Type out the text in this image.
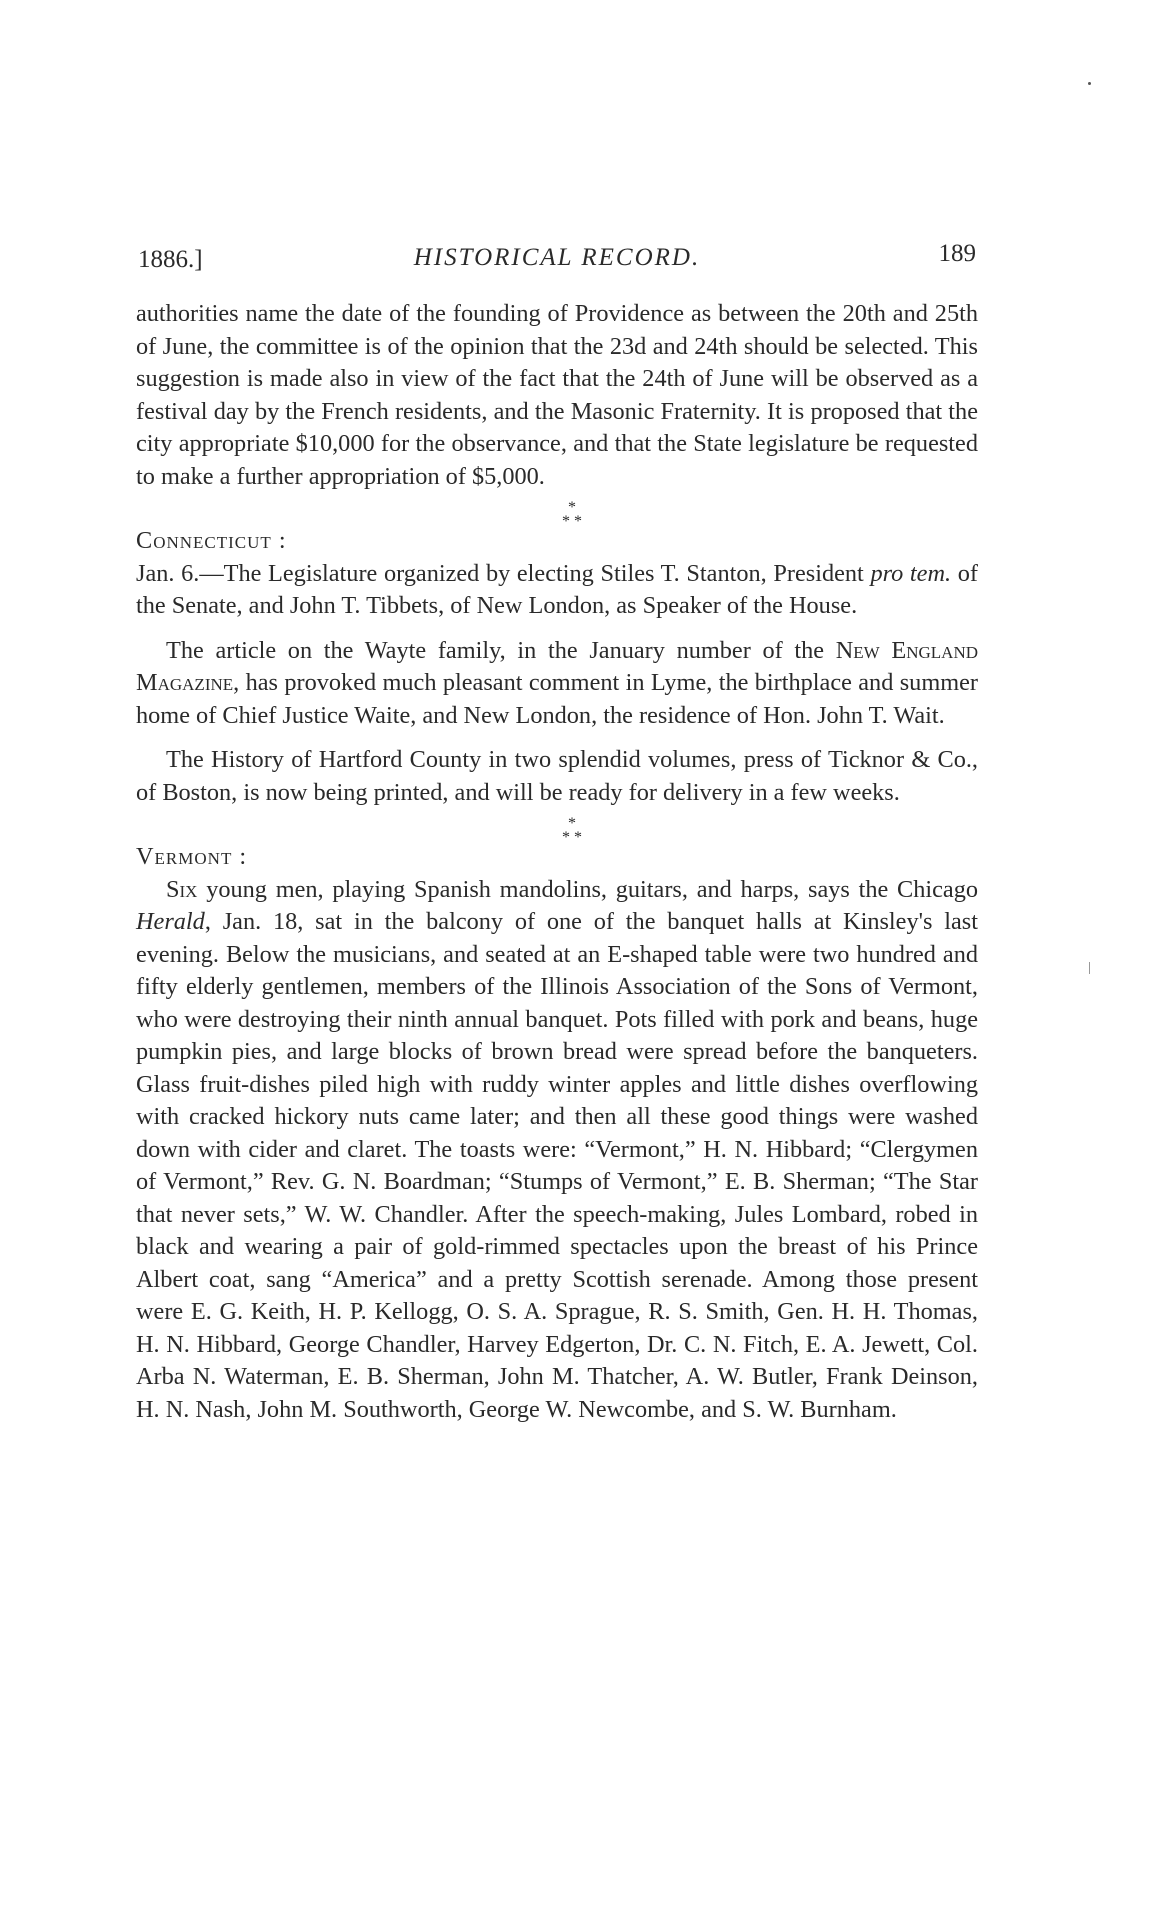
1886.]	HISTORICAL RECORD.	189

authorities name the date of the founding of Providence as between the 20th and 25th of June, the committee is of the opinion that the 23d and 24th should be selected. This suggestion is made also in view of the fact that the 24th of June will be observed as a festival day by the French residents, and the Masonic Fraternity. It is proposed that the city appropriate $10,000 for the observance, and that the State legislature be requested to make a further appropriation of $5,000.

*
* *

Connecticut :

Jan. 6.—The Legislature organized by electing Stiles T. Stanton, President pro tem. of the Senate, and John T. Tibbets, of New London, as Speaker of the House.

The article on the Wayte family, in the January number of the New England Magazine, has provoked much pleasant comment in Lyme, the birthplace and summer home of Chief Justice Waite, and New London, the residence of Hon. John T. Wait.

The History of Hartford County in two splendid volumes, press of Ticknor & Co., of Boston, is now being printed, and will be ready for delivery in a few weeks.

*
* *

Vermont :

Six young men, playing Spanish mandolins, guitars, and harps, says the Chicago Herald, Jan. 18, sat in the balcony of one of the banquet halls at Kinsley's last evening. Below the musicians, and seated at an E-shaped table were two hundred and fifty elderly gentlemen, members of the Illinois Association of the Sons of Vermont, who were destroying their ninth annual banquet. Pots filled with pork and beans, huge pumpkin pies, and large blocks of brown bread were spread before the banqueters. Glass fruit-dishes piled high with ruddy winter apples and little dishes overflowing with cracked hickory nuts came later; and then all these good things were washed down with cider and claret. The toasts were: “Vermont,” H. N. Hibbard; “Clergymen of Vermont,” Rev. G. N. Boardman; “Stumps of Vermont,” E. B. Sherman; “The Star that never sets,” W. W. Chandler. After the speech-making, Jules Lombard, robed in black and wearing a pair of gold-rimmed spectacles upon the breast of his Prince Albert coat, sang “America” and a pretty Scottish serenade. Among those present were E. G. Keith, H. P. Kellogg, O. S. A. Sprague, R. S. Smith, Gen. H. H. Thomas, H. N. Hibbard, George Chandler, Harvey Edgerton, Dr. C. N. Fitch, E. A. Jewett, Col. Arba N. Waterman, E. B. Sherman, John M. Thatcher, A. W. Butler, Frank Deinson, H. N. Nash, John M. Southworth, George W. Newcombe, and S. W. Burnham.
